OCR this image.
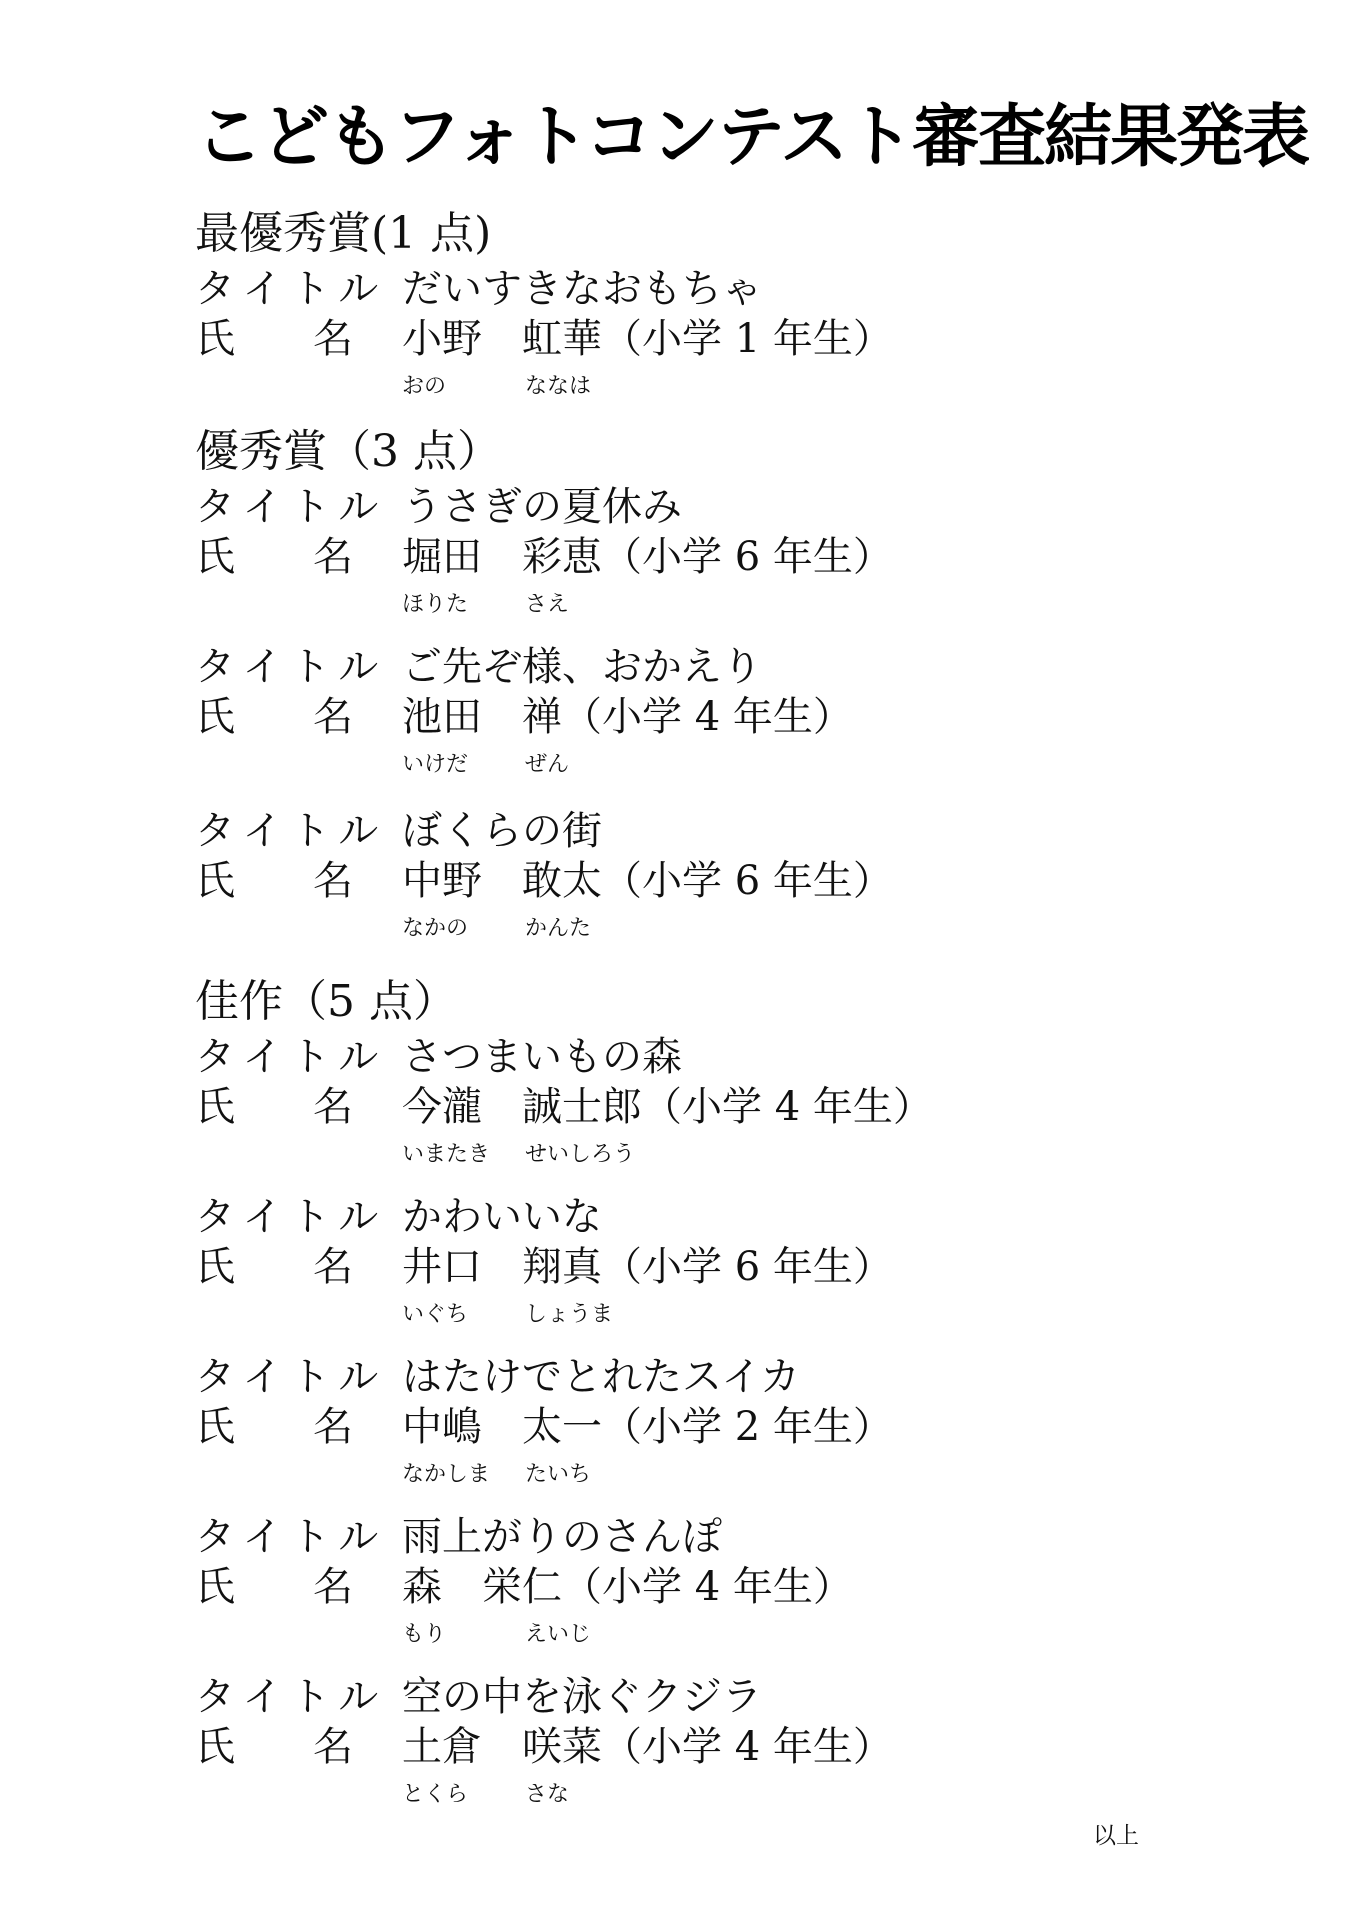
こどもフォトコンテスト審査結果発表
最優秀賞(1 点)
優秀賞（3 点）
佳作（5 点）
タイトル だいすきなおもちゃ
氏 名 小野　虹華（小学 1 年生）
おの	ななは
タイトル うさぎの夏休み
氏 名 堀田　彩恵（小学 6 年生）
ほりた	さえ
タイトル ご先ぞ様、おかえり
氏 名 池田　禅（小学 4 年生）
いけだ	ぜん
タイトル ぼくらの街
氏 名 中野　敢太（小学 6 年生）
なかの	かんた
タイトル さつまいもの森
氏 名 今瀧　誠士郎（小学 4 年生）
いまたき せいしろう
タイトル かわいいな
氏 名 井口　翔真（小学 6 年生）
いぐち	しょうま
タイトル はたけでとれたスイカ
氏 名 中嶋　太一（小学 2 年生）
なかしま たいち
タイトル 雨上がりのさんぽ
氏 名 森　栄仁（小学 4 年生）
もり	えいじ
タイトル 空の中を泳ぐクジラ
氏 名 土倉　咲菜（小学 4 年生）
とくら	さな
以上
